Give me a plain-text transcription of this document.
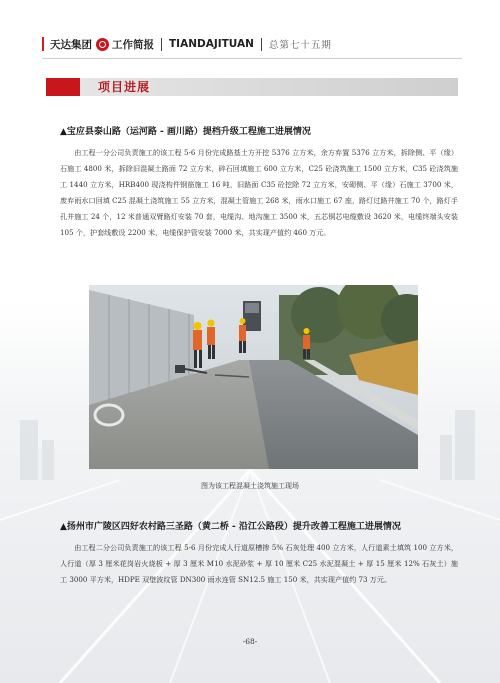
天达集团 工作简报 TIANDAJITUAN 总第七十五期
项目进展
▲宝应县泰山路（运河路 - 画川路）提档升级工程施工进展情况

由工程一分公司负责施工的该工程 5-6 月份完成路基土方开挖 5376 立方米，余方弃置 5376 立方米，拆除侧、平（缘）石施工 4800 米，拆除旧混凝土路面 72 立方米，碎石回填施工 600 立方米，C25 砼浇筑施工 1500 立方米，C35 砼浇筑施工 1440 立方米，HRB400 现浇构件钢筋施工 16 吨，旧路面 C35 砼挖除 72 立方米，安砌侧、平（缘）石施工 3700 米，废弃雨水口回填 C25 混凝土浇筑施工 55 立方米，混凝土管施工 268 米，雨水口施工 67 座，路灯过路井施工 70 个，路灯手孔井施工 24 个，12 米普通双臂路灯安装 70 套，电缆沟、地沟施工 3500 米，五芯铜芯电缆敷设 3620 米，电缆终端头安装 105 个，护套线敷设 2200 米，电缆保护管安装 7000 米，共实现产值约 460 万元。

图为该工程混凝土浇筑施工现场
▲扬州市广陵区四好农村路三圣路（黄二桥 - 沿江公路段）提升改善工程施工进展情况

由工程二分公司负责施工的该工程 5-6 月份完成人行道原槽掺 5% 石灰处理 400 立方米，人行道素土填筑 100 立方米，人行道（厚 3 厘米花岗岩火烧板 + 厚 3 厘米 M10 水泥砂浆 + 厚 10 厘米 C25 水泥混凝土 + 厚 15 厘米 12% 石灰土）施工 3000 平方米，HDPE 双壁波纹管 DN300 雨水连管 SN12.5 施工 150 米，共实现产值约 73 万元。

-68-
